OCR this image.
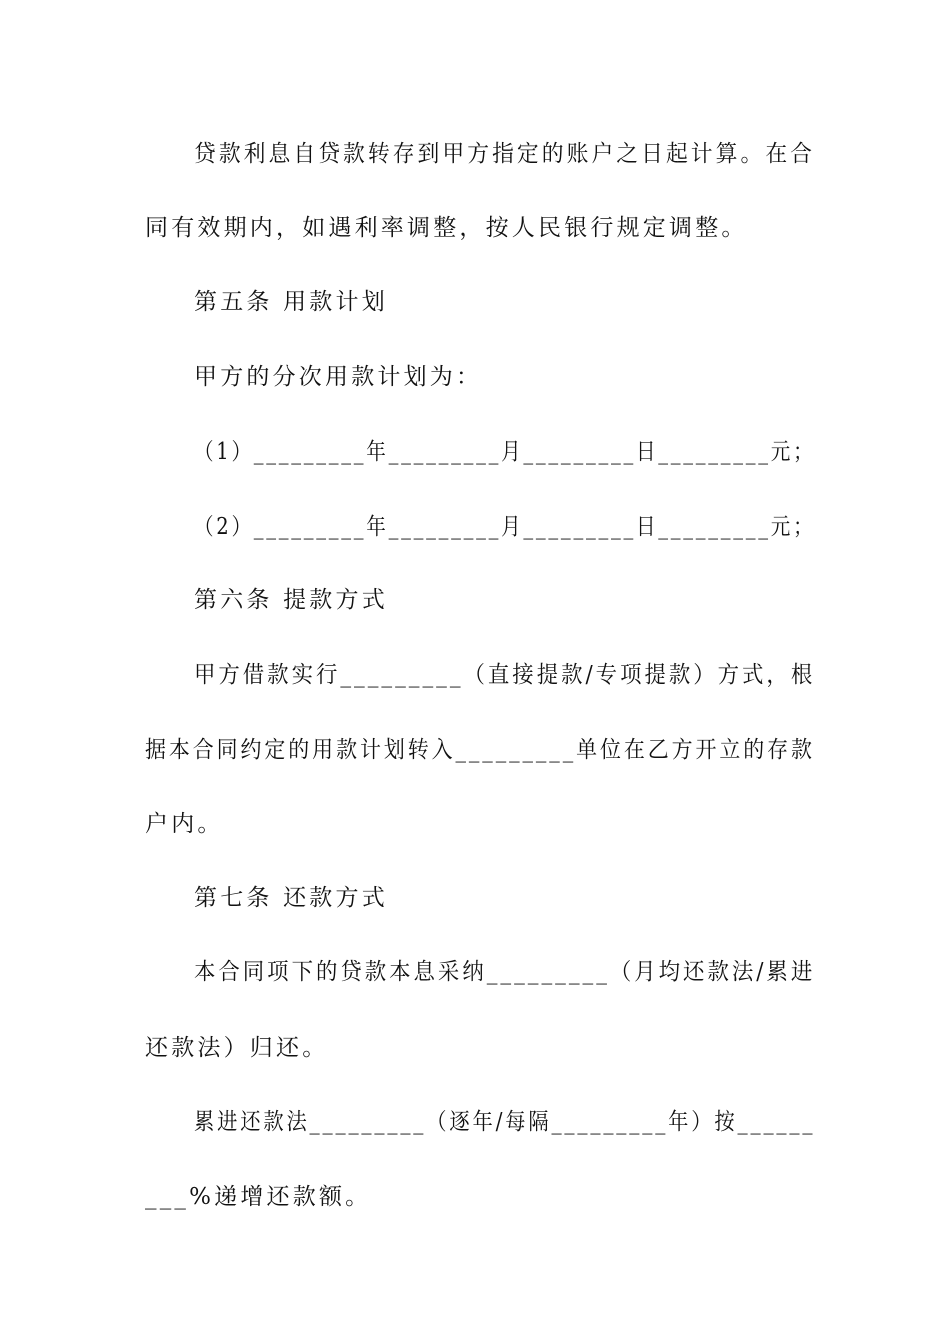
贷款利息自贷款转存到甲方指定的账户之日起计算。在合
同有效期内，如遇利率调整，按人民银行规定调整。
第五条 用款计划
甲方的分次用款计划为：
（1）_________年_________月_________日_________元；
（2）_________年_________月_________日_________元；
第六条 提款方式
甲方借款实行_________（直接提款/专项提款）方式，根
据本合同约定的用款计划转入_________单位在乙方开立的存款
户内。
第七条 还款方式
本合同项下的贷款本息采纳_________（月均还款法/累进
还款法）归还。
累进还款法_________（逐年/每隔_________年）按______
___%递增还款额。
